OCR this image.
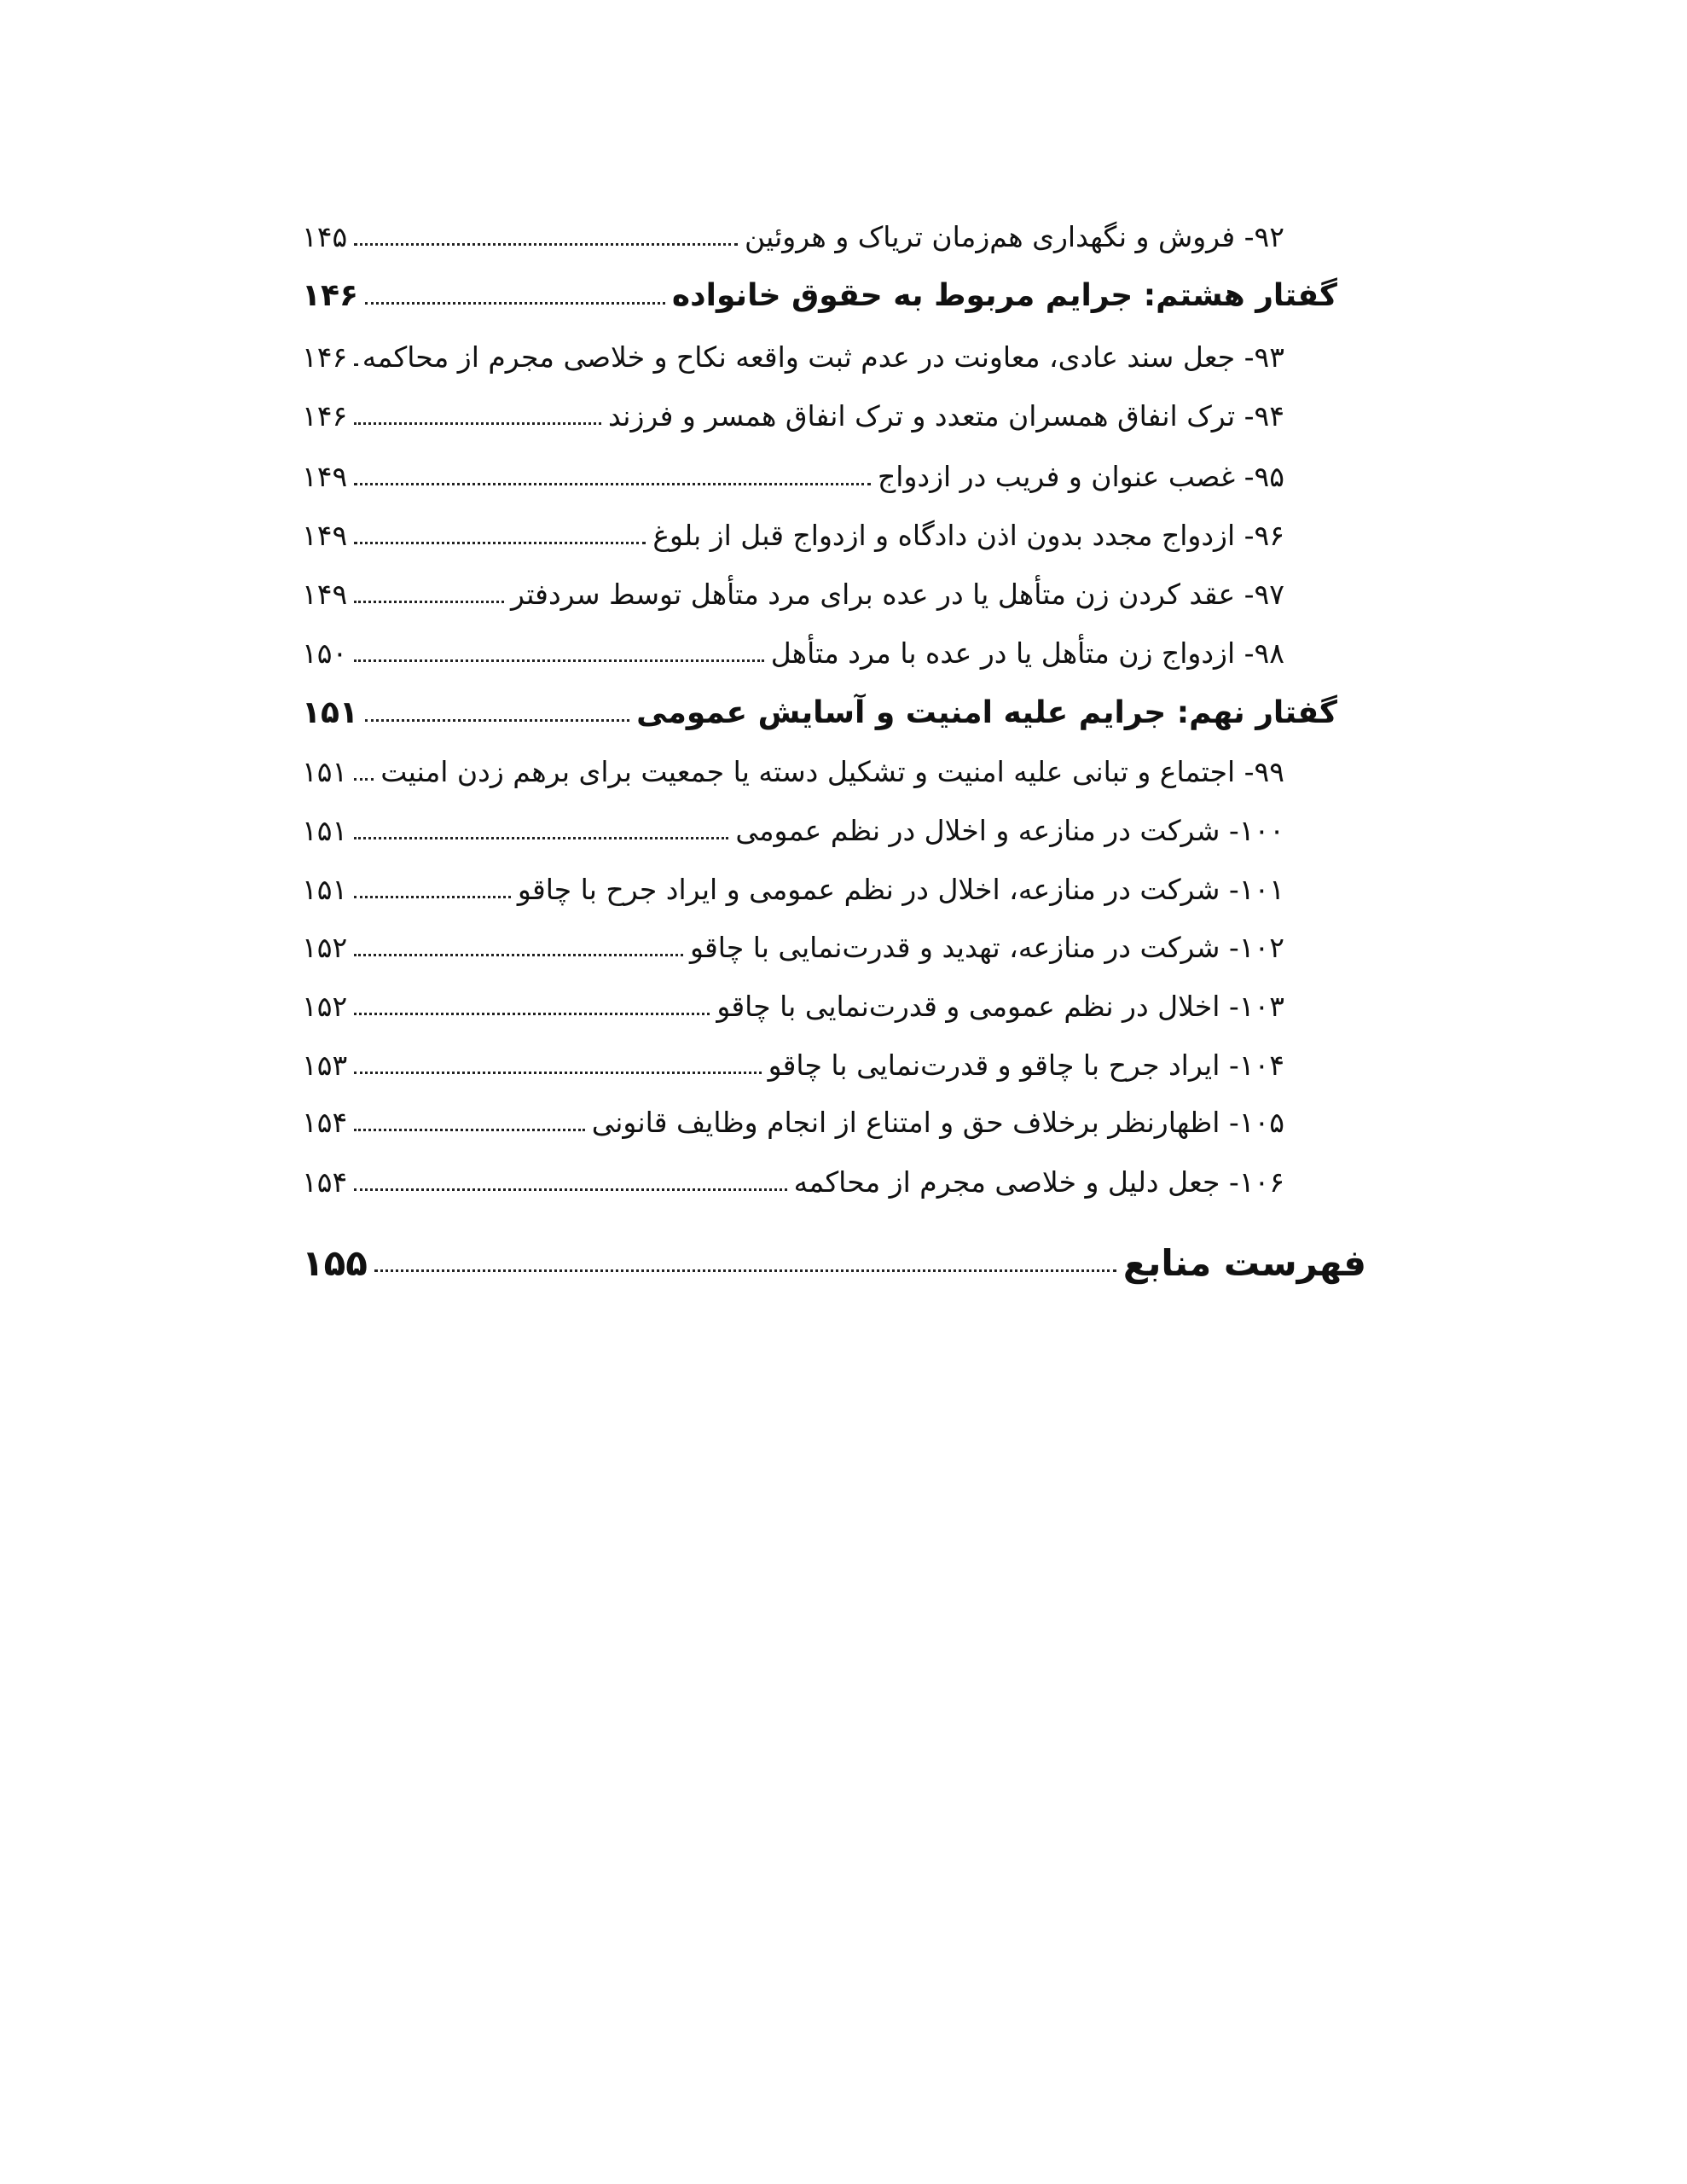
۱۴۵	۹۲- فروش و نگهداری هم‌زمان تریاک و هروئین
۱۴۶	گفتار هشتم: جرایم مربوط به حقوق خانواده
۱۴۶ ۹۳- جعل سند عادی، معاونت در عدم ثبت واقعه نکاح و خلاصی مجرم از محاکمه
۱۴۶	۹۴- ترک انفاق همسران متعدد و ترک انفاق همسر و فرزند
۱۴۹	۹۵- غصب عنوان و فریب در ازدواج
۱۴۹	۹۶- ازدواج مجدد بدون اذن دادگاه و ازدواج قبل از بلوغ
۱۴۹	۹۷- عقد کردن زن متأهل یا در عده برای مرد متأهل توسط سردفتر
۱۵۰	۹۸- ازدواج زن متأهل یا در عده با مرد متأهل
۱۵۱	گفتار نهم: جرایم علیه امنیت و آسایش عمومی
۱۵۱ ۹۹- اجتماع و تبانی علیه امنیت و تشکیل دسته یا جمعیت برای برهم زدن امنیت
۱۵۱	۱۰۰- شرکت در منازعه و اخلال در نظم عمومی
۱۵۱	۱۰۱- شرکت در منازعه، اخلال در نظم عمومی و ایراد جرح با چاقو
۱۵۲	۱۰۲- شرکت در منازعه، تهدید و قدرت‌نمایی با چاقو
۱۵۲	۱۰۳- اخلال در نظم عمومی و قدرت‌نمایی با چاقو
۱۵۳	۱۰۴- ایراد جرح با چاقو و قدرت‌نمایی با چاقو
۱۵۴	۱۰۵- اظهارنظر برخلاف حق و امتناع از انجام وظایف قانونی
۱۵۴	۱۰۶- جعل دلیل و خلاصی مجرم از محاکمه
۱۵۵	فهرست منابع
